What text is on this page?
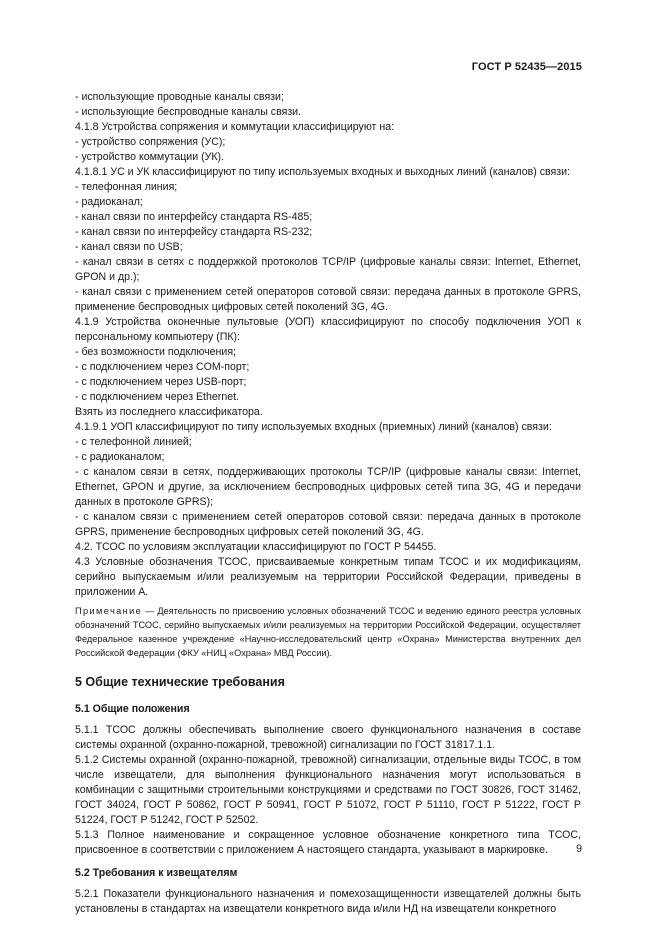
ГОСТ Р 52435—2015

- использующие проводные каналы связи;

- использующие беспроводные каналы связи.

4.1.8 Устройства сопряжения и коммутации классифицируют на:

- устройство сопряжения (УС);

- устройство коммутации (УК).

4.1.8.1 УС и УК классифицируют по типу используемых входных и выходных линий (каналов) связи:

- телефонная линия;

- радиоканал;

- канал связи по интерфейсу стандарта RS-485;

- канал связи по интерфейсу стандарта RS-232;

- канал связи по USB;

- канал связи в сетях с поддержкой протоколов TCP/IP (цифровые каналы связи: Internet, Ethernet, GPON и др.);

- канал связи с применением сетей операторов сотовой связи: передача данных в протоколе GPRS, применение беспроводных цифровых сетей поколений 3G, 4G.

4.1.9 Устройства оконечные пультовые (УОП) классифицируют по способу подключения УОП к персональному компьютеру (ПК):

- без возможности подключения;

- с подключением через COM-порт;

- с подключением через USB-порт;

- с подключением через Ethernet.

Взять из последнего классификатора.

4.1.9.1 УОП классифицируют по типу используемых входных (приемных) линий (каналов) связи:

- с телефонной линией;

- с радиоканалом;

- с каналом связи в сетях, поддерживающих протоколы TCP/IP (цифровые каналы связи: Internet, Ethernet, GPON и другие, за исключением беспроводных цифровых сетей типа 3G, 4G и передачи данных в протоколе GPRS);

- с каналом связи с применением сетей операторов сотовой связи: передача данных в протоколе GPRS, применение беспроводных цифровых сетей поколений 3G, 4G.

4.2. ТСОС по условиям эксплуатации классифицируют по ГОСТ Р 54455.

4.3 Условные обозначения ТСОС, присваиваемые конкретным типам ТСОС и их модификациям, серийно выпускаемым и/или реализуемым на территории Российской Федерации, приведены в приложении А.

Примечание — Деятельность по присвоению условных обозначений ТСОС и ведению единого реестра условных обозначений ТСОС, серийно выпускаемых и/или реализуемых на территории Российской Федерации, осуществляет Федеральное казенное учреждение «Научно-исследовательский центр «Охрана» Министерства внутренних дел Российской Федерации (ФКУ «НИЦ «Охрана» МВД России).

5 Общие технические требования
5.1 Общие положения

5.1.1 ТСОС должны обеспечивать выполнение своего функционального назначения в составе системы охранной (охранно-пожарной, тревожной) сигнализации по ГОСТ 31817.1.1.

5.1.2 Системы охранной (охранно-пожарной, тревожной) сигнализации, отдельные виды ТСОС, в том числе извещатели, для выполнения функционального назначения могут использоваться в комбинации с защитными строительными конструкциями и средствами по ГОСТ 30826, ГОСТ 31462, ГОСТ 34024, ГОСТ Р 50862, ГОСТ Р 50941, ГОСТ Р 51072, ГОСТ Р 51110, ГОСТ Р 51222, ГОСТ Р 51224, ГОСТ Р 51242, ГОСТ Р 52502.

5.1.3 Полное наименование и сокращенное условное обозначение конкретного типа ТСОС, присвоенное в соответствии с приложением А настоящего стандарта, указывают в маркировке.

5.2 Требования к извещателям

5.2.1 Показатели функционального назначения и помехозащищенности извещателей должны быть установлены в стандартах на извещатели конкретного вида и/или НД на извещатели конкретного

9
